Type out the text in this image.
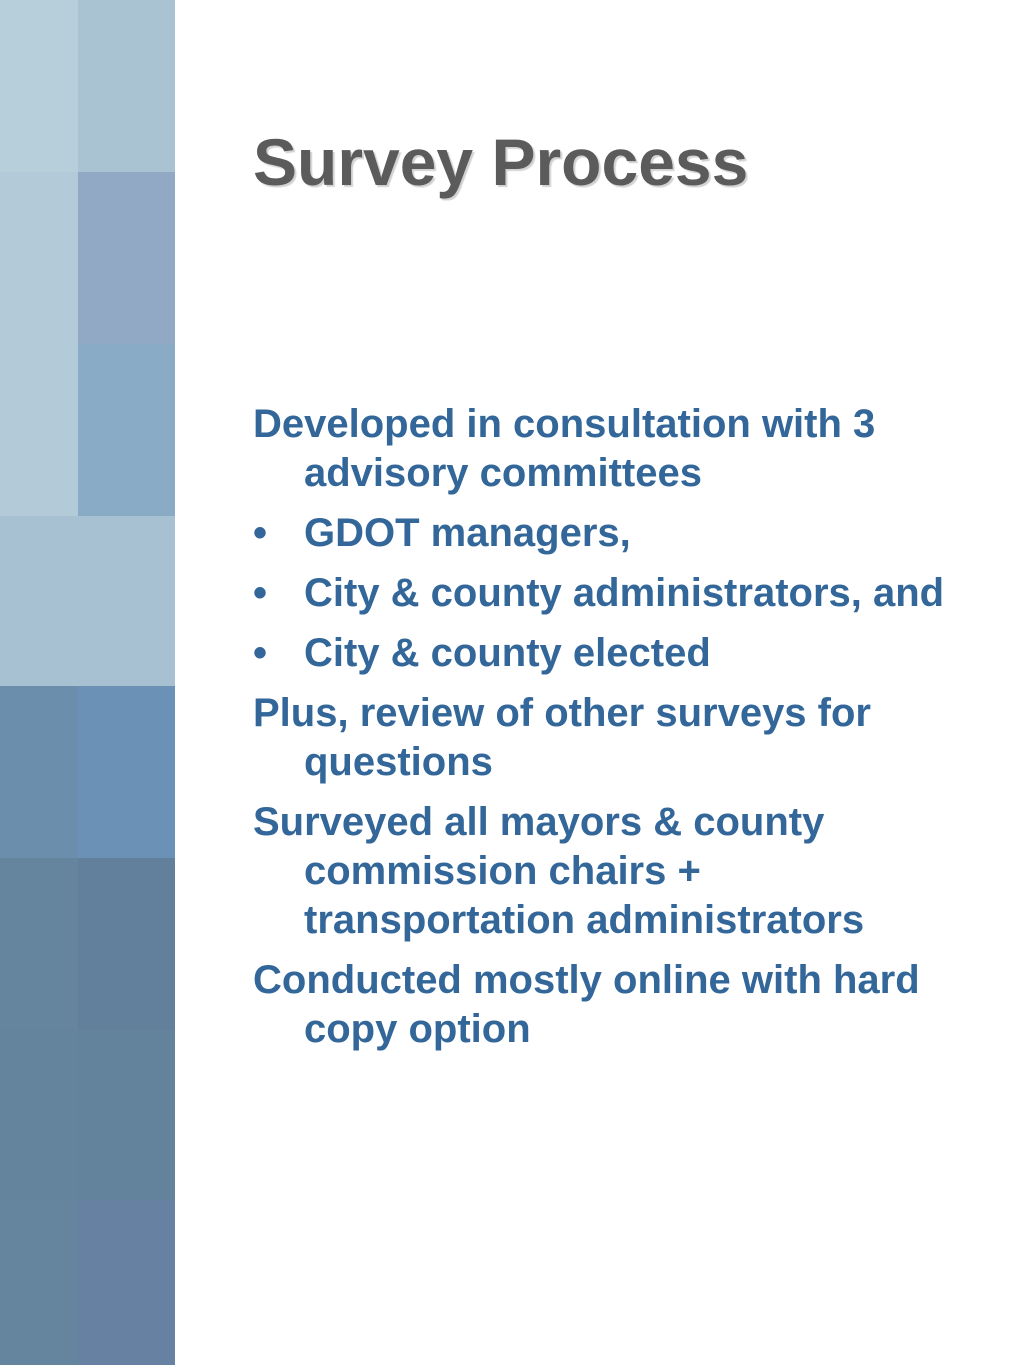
Survey Process
Developed in consultation with 3 advisory committees
• GDOT managers,
• City & county administrators, and
• City & county elected
Plus, review of other surveys for questions
Surveyed all mayors & county commission chairs + transportation administrators
Conducted mostly online with hard copy option
